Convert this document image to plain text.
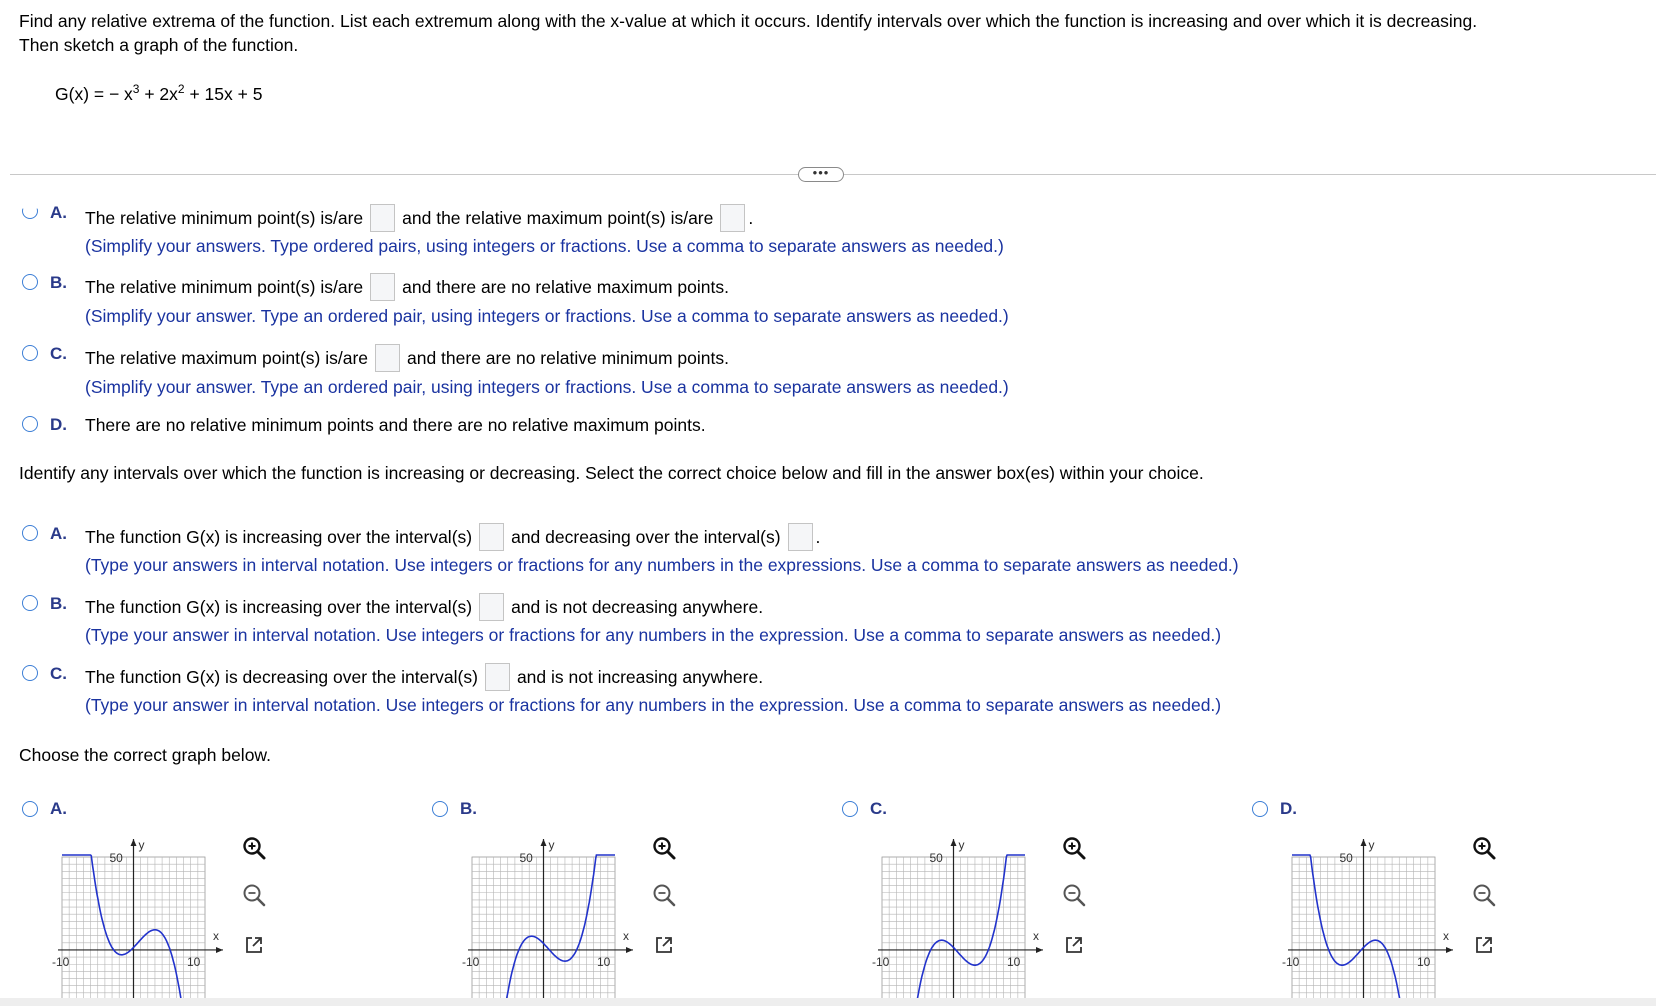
Find any relative extrema of the function. List each extremum along with the x-value at which it occurs. Identify intervals over which the function is increasing and over which it is decreasing.
Then sketch a graph of the function.
G(x) = − $x^3 + 2x^2 + 15x + 5$
•••
A. The relative minimum point(s) is/are and the relative maximum point(s) is/are .
(Simplify your answers. Type ordered pairs, using integers or fractions. Use a comma to separate answers as needed.)
B. The relative minimum point(s) is/are and there are no relative maximum points.
(Simplify your answer. Type an ordered pair, using integers or fractions. Use a comma to separate answers as needed.)
C. The relative maximum point(s) is/are and there are no relative minimum points.
(Simplify your answer. Type an ordered pair, using integers or fractions. Use a comma to separate answers as needed.)
D. There are no relative minimum points and there are no relative maximum points.
Identify any intervals over which the function is increasing or decreasing. Select the correct choice below and fill in the answer box(es) within your choice.
A. The function G(x) is increasing over the interval(s) and decreasing over the interval(s) .
(Type your answers in interval notation. Use integers or fractions for any numbers in the expressions. Use a comma to separate answers as needed.)
B. The function G(x) is increasing over the interval(s) and is not decreasing anywhere.
(Type your answer in interval notation. Use integers or fractions for any numbers in the expression. Use a comma to separate answers as needed.)
C. The function G(x) is decreasing over the interval(s) and is not increasing anywhere.
(Type your answer in interval notation. Use integers or fractions for any numbers in the expression. Use a comma to separate answers as needed.)
Choose the correct graph below.
A.
50
y
x
-10	10
B.
50
y
x
-10	10
C.
50
y
x
-10	10
D.
50
y
x
-10	10
